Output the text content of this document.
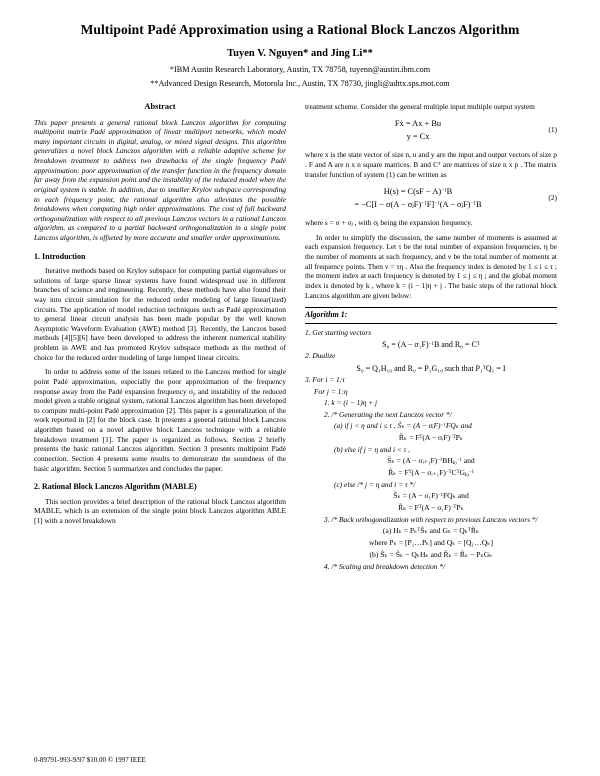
Multipoint Padé Approximation using a Rational Block Lanczos Algorithm
Tuyen V. Nguyen* and Jing Li**
*IBM Austin Research Laboratory, Austin, TX 78758, tuyenn@austin.ibm.com
**Advanced Design Research, Motorola Inc., Austin, TX 78730, jingli@adttx.sps.mot.com
Abstract

This paper presents a general rational block Lanczos algorithm for computing multipoint matrix Padé approximation of linear multiport networks, which model many important circuits in digital, analog, or mixed signal designs. This algorithm generalizes a novel block Lanczos algorithm with a reliable adaptive scheme for breakdown treatment to address two drawbacks of the single frequency Padé approximation: poor approximation of the transfer function in the frequency domain far away from the expansion point and the instability of the reduced model when the original system is stable. In addition, due to smaller Krylov subspace corresponding to each frequency point, the rational algorithm also alleviates the possible breakdowns when computing high order approximations. The cost of full backward orthogonalization with respect to all previous Lanczos vectors in a rational Lanczos algorithm, as compared to a partial backward orthogonalization in a single point Lanczos algorithm, is offseted by more accurate and smaller order approximations.

1. Introduction

Iterative methods based on Krylov subspace for computing partial eigenvalues or solutions of large sparse linear systems have found widespread use in different branches of science and engineering. Recently, these methods have also found their way into circuit simulation for the reduced order modeling of large linear(ized) circuits. The application of model reduction techniques such as Padé approximation to general linear circuit analysis has been made popular by the well known Asymptotic Waveform Evaluation (AWE) method [3]. Recently, the Lanczos based methods [4][5][6] have been developed to address the inherent numerical stability problem in AWE and has promoted Krylov subspace methods as the method of choice for the reduced order modeling of large lumped linear circuits.

In order to address some of the issues related to the Lanczos method for single point Padé approximation, especially the poor approximation of the frequency response away from the Padé expansion frequency σ₀ and instability of the reduced model given a stable original system, rational Lanczos algorithm has been developed to compute multi-point Padé approximation [2]. This paper is a generalization of the work reported in [2] for the block case. It presents a general rational block Lanczos algorithm based on a novel adaptive block Lanczos technique with a reliable breakdown treatment [1]. The paper is organized as follows. Section 2 briefly presents the basic rational Lanczos algorithm. Section 3 presents multipoint Padé connection. Section 4 presents some results to demonstrate the soundness of the basic algorithm. Section 5 summarizes and concludes the paper.

2. Rational Block Lanczos Algorithm (MABLE)

This section provides a brief description of the rational block Lanczos algorithm MABLE, which is an extension of the single point block Lanczos algorithm ABLE [1] with a novel breakdown

treatment scheme. Consider the general multiple input multiple output system

Fẋ = Ax + Bu
y = Cx
(1)

where x is the state vector of size n, u and y are the input and output vectors of size p . F and A are n x n square matrices. B and $C^T$ are matrices of size n x p . The matrix transfer function of system (1) can be written as

H(s) = C(sF − A)$^{-1}$B
= −C[I − σ(A − σⱼF)$^{-1}$F]$^{-1}$(A − σⱼF)$^{-1}$B
(2)

where s = σ + σⱼ , with σⱼ being the expansion frequency.

In order to simplify the discussion, the same number of moments is assumed at each expansion frequency. Let τ be the total number of expansion frequencies, η be the number of moments at each frequency, and ν be the total number of moments at all frequency points. Then ν = τη . Also the frequency index is denoted by 1 ≤ i ≤ τ ; the moment index at each frequency is denoted by 1 ≤ j ≤ η ; and the global moment index is denoted by k , where k = (i − 1)η + j . The basic steps of the rational block Lanczos algorithm are given below:

Algorithm 1:
1. Get starting vectors
$S_0 = (A - \sigma_1F)^{-1}B$ and $R_0 = C^T$
2. Dualize
S₀ = Q₁H₁₀ and R₀ = P₁G₁₀ such that P₁$^T$Q₁ = I
3. For i = 1:τ
For j = 1:η
1. k = (i − 1)η + j
2. /* Generating the next Lanczos vector */
(a) if j < η and i ≤ τ , S̃ₖ = (A − σᵢF)$^{-1}$FQₖ and
R̃ₖ = $F^T(A$ − σᵢF)$^{-T}$Pₖ
(b) else if j = η and i < τ ,
S̃ₖ = (A − σᵢ₊₁F)$^{-1}$BHⱼ₀$^{-1}$ and
R̃ₖ = $F^T(A$ − $\sigma ᵢ_{+1}F)^{-T}C^TGⱼ_0^{-1}$
(c) else /* j = η and i = τ */
S̃ₖ = $(A - \sigma_1F)^{-1}FQ_k$ and
R̃ₖ = $F^T(A - \sigma_1F)^{-T}P_k$
3. /* Back orthogonalization with respect to previous Lanczos vectors */
(a) Hₖ = Pₖ$^T$S̃ₖ and Gₖ = Qₖ$^T$R̃ₖ
where Pₖ = [P₁…Pₖ] and Qₖ = [Q₁…Qₖ]
(b) Ŝₖ = S̃ₖ − QₖHₖ and R̂ₖ = R̃ₖ − PₖGₖ
4. /* Scaling and breakdown detection */
0-89791-993-9/97 $10.00 © 1997 IEEE
